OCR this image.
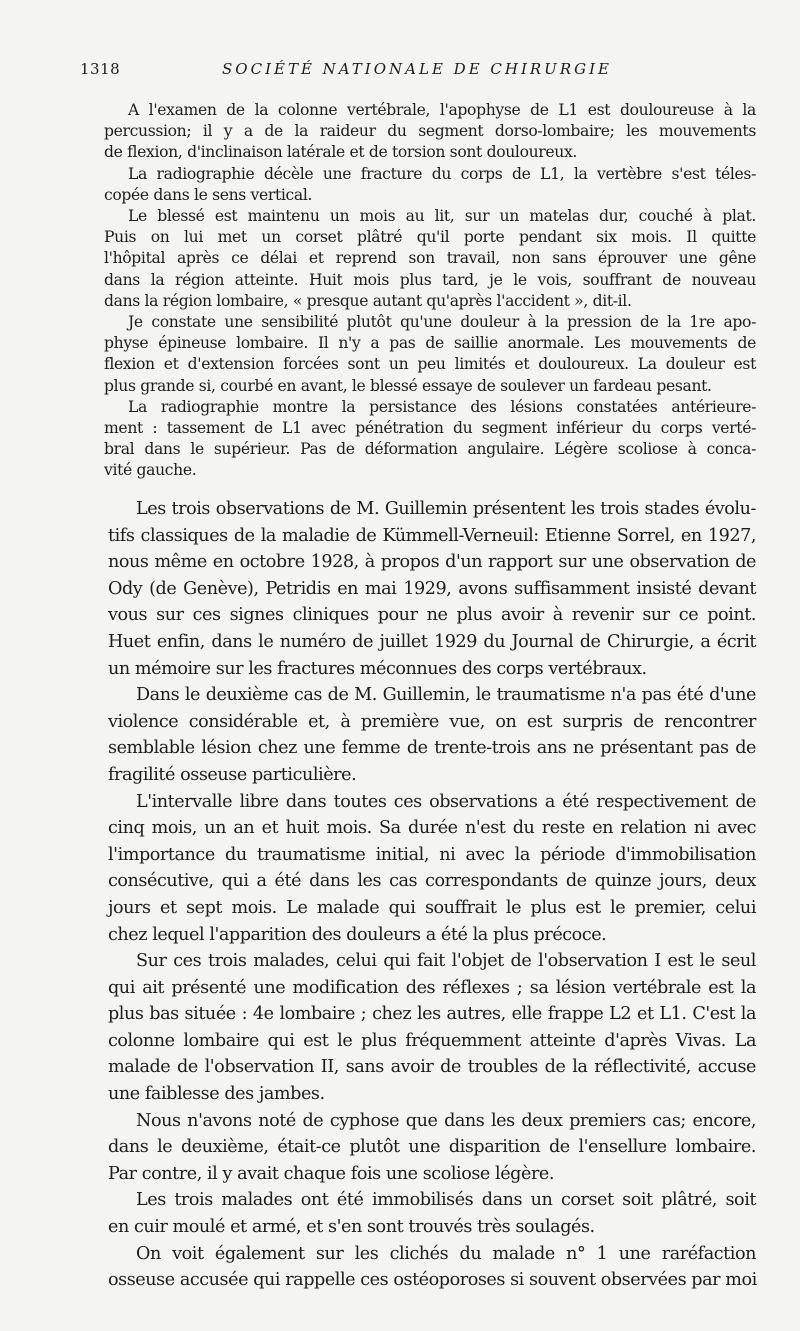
1318	SOCIÉTÉ NATIONALE DE CHIRURGIE

A l'examen de la colonne vertébrale, l'apophyse de L1 est douloureuse à la
percussion; il y a de la raideur du segment dorso-lombaire; les mouvements
de flexion, d'inclinaison latérale et de torsion sont douloureux.

La radiographie décèle une fracture du corps de L1, la vertèbre s'est téles-
copée dans le sens vertical.

Le blessé est maintenu un mois au lit, sur un matelas dur, couché à plat.
Puis on lui met un corset plâtré qu'il porte pendant six mois. Il quitte
l'hôpital après ce délai et reprend son travail, non sans éprouver une gêne
dans la région atteinte. Huit mois plus tard, je le vois, souffrant de nouveau
dans la région lombaire, « presque autant qu'après l'accident », dit-il.

Je constate une sensibilité plutôt qu'une douleur à la pression de la 1re apo-
physe épineuse lombaire. Il n'y a pas de saillie anormale. Les mouvements de
flexion et d'extension forcées sont un peu limités et douloureux. La douleur est
plus grande si, courbé en avant, le blessé essaye de soulever un fardeau pesant.

La radiographie montre la persistance des lésions constatées antérieure-
ment : tassement de L1 avec pénétration du segment inférieur du corps verté-
bral dans le supérieur. Pas de déformation angulaire. Légère scoliose à conca-
vité gauche.

Les trois observations de M. Guillemin présentent les trois stades évolu-
tifs classiques de la maladie de Kümmell-Verneuil: Etienne Sorrel, en 1927,
nous même en octobre 1928, à propos d'un rapport sur une observation de
Ody (de Genève), Petridis en mai 1929, avons suffisamment insisté devant
vous sur ces signes cliniques pour ne plus avoir à revenir sur ce point.
Huet enfin, dans le numéro de juillet 1929 du Journal de Chirurgie, a écrit
un mémoire sur les fractures méconnues des corps vertébraux.

Dans le deuxième cas de M. Guillemin, le traumatisme n'a pas été d'une
violence considérable et, à première vue, on est surpris de rencontrer
semblable lésion chez une femme de trente-trois ans ne présentant pas de
fragilité osseuse particulière.

L'intervalle libre dans toutes ces observations a été respectivement de
cinq mois, un an et huit mois. Sa durée n'est du reste en relation ni avec
l'importance du traumatisme initial, ni avec la période d'immobilisation
consécutive, qui a été dans les cas correspondants de quinze jours, deux
jours et sept mois. Le malade qui souffrait le plus est le premier, celui
chez lequel l'apparition des douleurs a été la plus précoce.

Sur ces trois malades, celui qui fait l'objet de l'observation I est le seul
qui ait présenté une modification des réflexes ; sa lésion vertébrale est la
plus bas située : 4e lombaire ; chez les autres, elle frappe L2 et L1. C'est la
colonne lombaire qui est le plus fréquemment atteinte d'après Vivas. La
malade de l'observation II, sans avoir de troubles de la réflectivité, accuse
une faiblesse des jambes.

Nous n'avons noté de cyphose que dans les deux premiers cas; encore,
dans le deuxième, était-ce plutôt une disparition de l'ensellure lombaire.
Par contre, il y avait chaque fois une scoliose légère.

Les trois malades ont été immobilisés dans un corset soit plâtré, soit
en cuir moulé et armé, et s'en sont trouvés très soulagés.

On voit également sur les clichés du malade n° 1 une raréfaction
osseuse accusée qui rappelle ces ostéoporoses si souvent observées par moi
